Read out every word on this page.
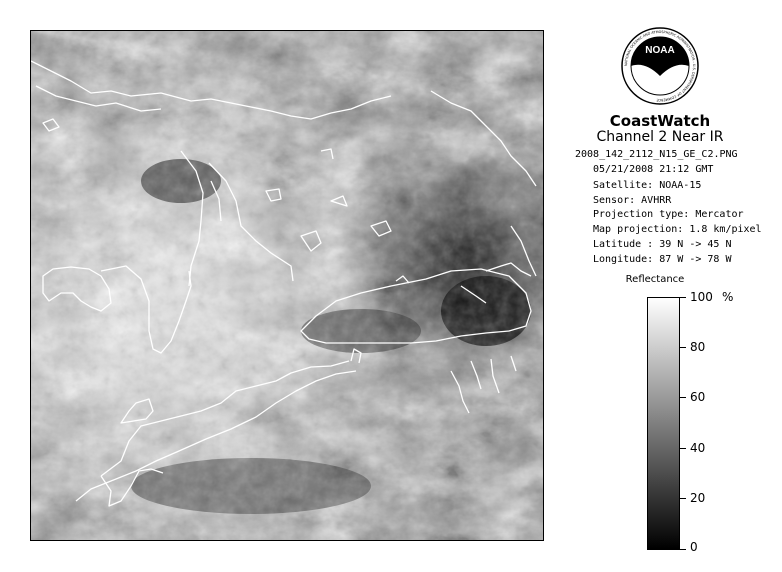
NOAA
NATIONAL OCEANIC AND ATMOSPHERIC ADMINISTRATION - U.S. DEPARTMENT OF COMMERCE
CoastWatch
Channel 2 Near IR
2008_142_2112_N15_GE_C2.PNG
05/21/2008 21:12 GMT
Satellite: NOAA-15
Sensor: AVHRR
Projection type: Mercator
Map projection: 1.8 km/pixel
Latitude : 39 N -> 45 N
Longitude: 87 W -> 78 W
Reflectance
%
100
80
60
40
20
0
